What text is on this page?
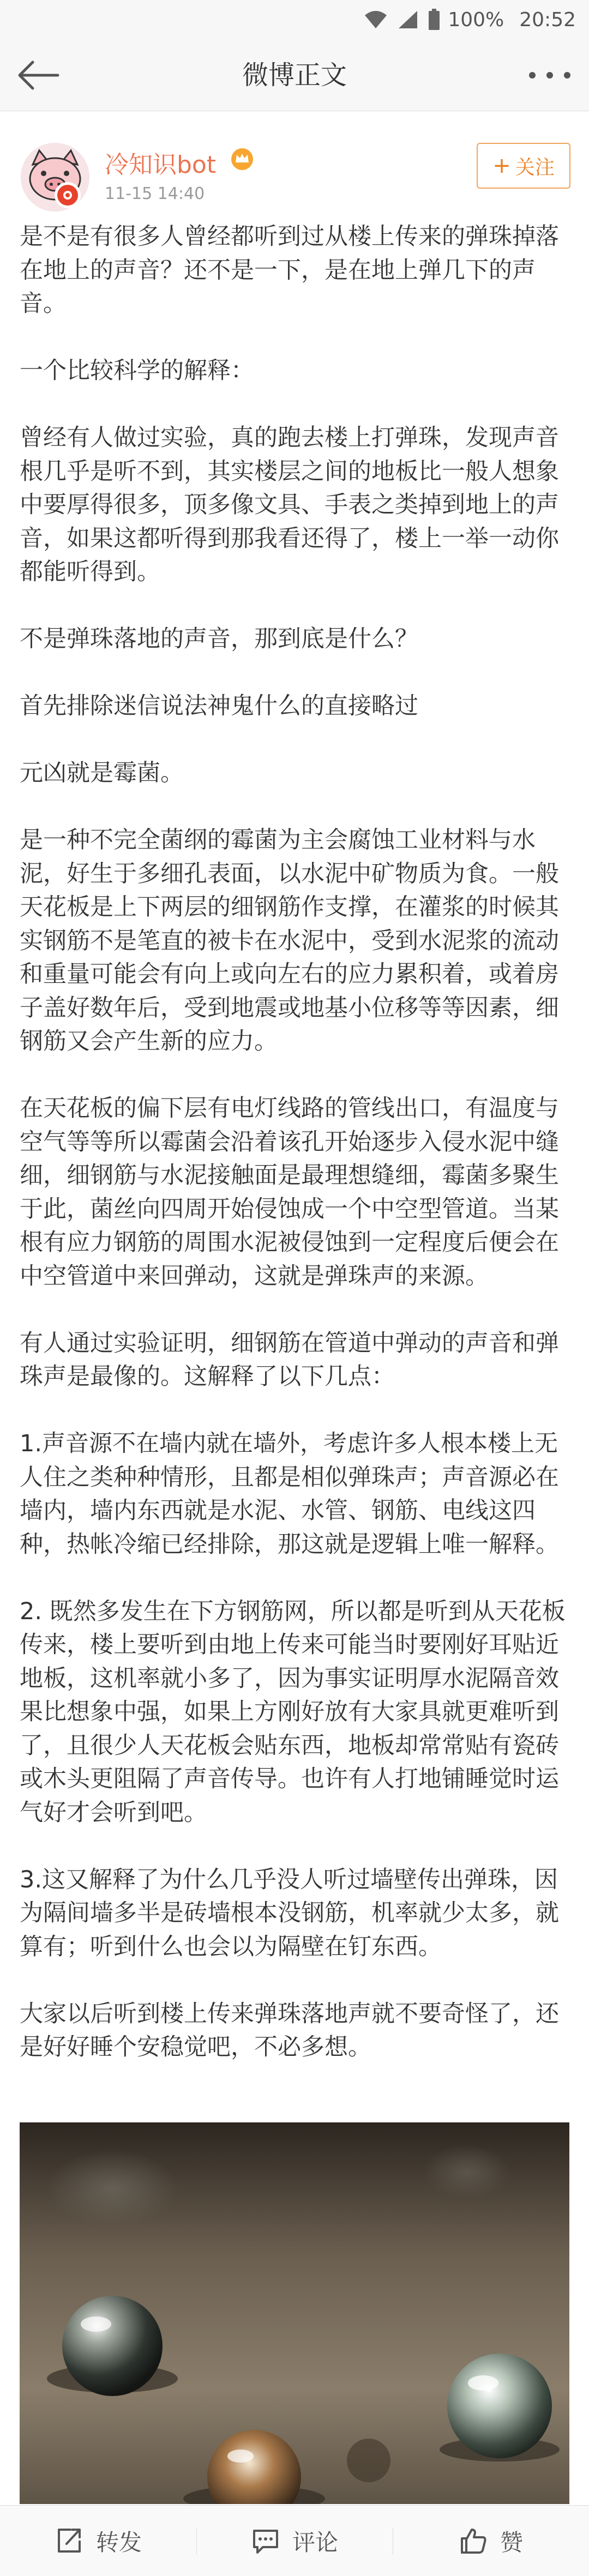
100% 20:52
微博正文
冷知识bot
11-15 14:40
+ 关注

是不是有很多人曾经都听到过从楼上传来的弹珠掉落在地上的声音？还不是一下，是在地上弹几下的声音。

一个比较科学的解释：

曾经有人做过实验，真的跑去楼上打弹珠，发现声音根几乎是听不到，其实楼层之间的地板比一般人想象中要厚得很多，顶多像文具、手表之类掉到地上的声音，如果这都听得到那我看还得了，楼上一举一动你都能听得到。

不是弹珠落地的声音，那到底是什么？

首先排除迷信说法神鬼什么的直接略过

元凶就是霉菌。

是一种不完全菌纲的霉菌为主会腐蚀工业材料与水泥，好生于多细孔表面，以水泥中矿物质为食。一般天花板是上下两层的细钢筋作支撑，在灌浆的时候其实钢筋不是笔直的被卡在水泥中，受到水泥浆的流动和重量可能会有向上或向左右的应力累积着，或着房子盖好数年后，受到地震或地基小位移等等因素，细钢筋又会产生新的应力。

在天花板的偏下层有电灯线路的管线出口，有温度与空气等等所以霉菌会沿着该孔开始逐步入侵水泥中缝细，细钢筋与水泥接触面是最理想缝细，霉菌多聚生于此，菌丝向四周开始侵蚀成一个中空型管道。当某根有应力钢筋的周围水泥被侵蚀到一定程度后便会在中空管道中来回弹动，这就是弹珠声的来源。

有人通过实验证明，细钢筋在管道中弹动的声音和弹珠声是最像的。这解释了以下几点：

1.声音源不在墙内就在墙外，考虑许多人根本楼上无人住之类种种情形，且都是相似弹珠声；声音源必在墙内，墙内东西就是水泥、水管、钢筋、电线这四种，热帐冷缩已经排除，那这就是逻辑上唯一解释。

2. 既然多发生在下方钢筋网，所以都是听到从天花板传来，楼上要听到由地上传来可能当时要刚好耳贴近地板，这机率就小多了，因为事实证明厚水泥隔音效果比想象中强，如果上方刚好放有大家具就更难听到了，且很少人天花板会贴东西，地板却常常贴有瓷砖或木头更阻隔了声音传导。也许有人打地铺睡觉时运气好才会听到吧。

3.这又解释了为什么几乎没人听过墙壁传出弹珠，因为隔间墙多半是砖墙根本没钢筋，机率就少太多，就算有；听到什么也会以为隔壁在钉东西。

大家以后听到楼上传来弹珠落地声就不要奇怪了，还是好好睡个安稳觉吧，不必多想。

转发	评论	赞
